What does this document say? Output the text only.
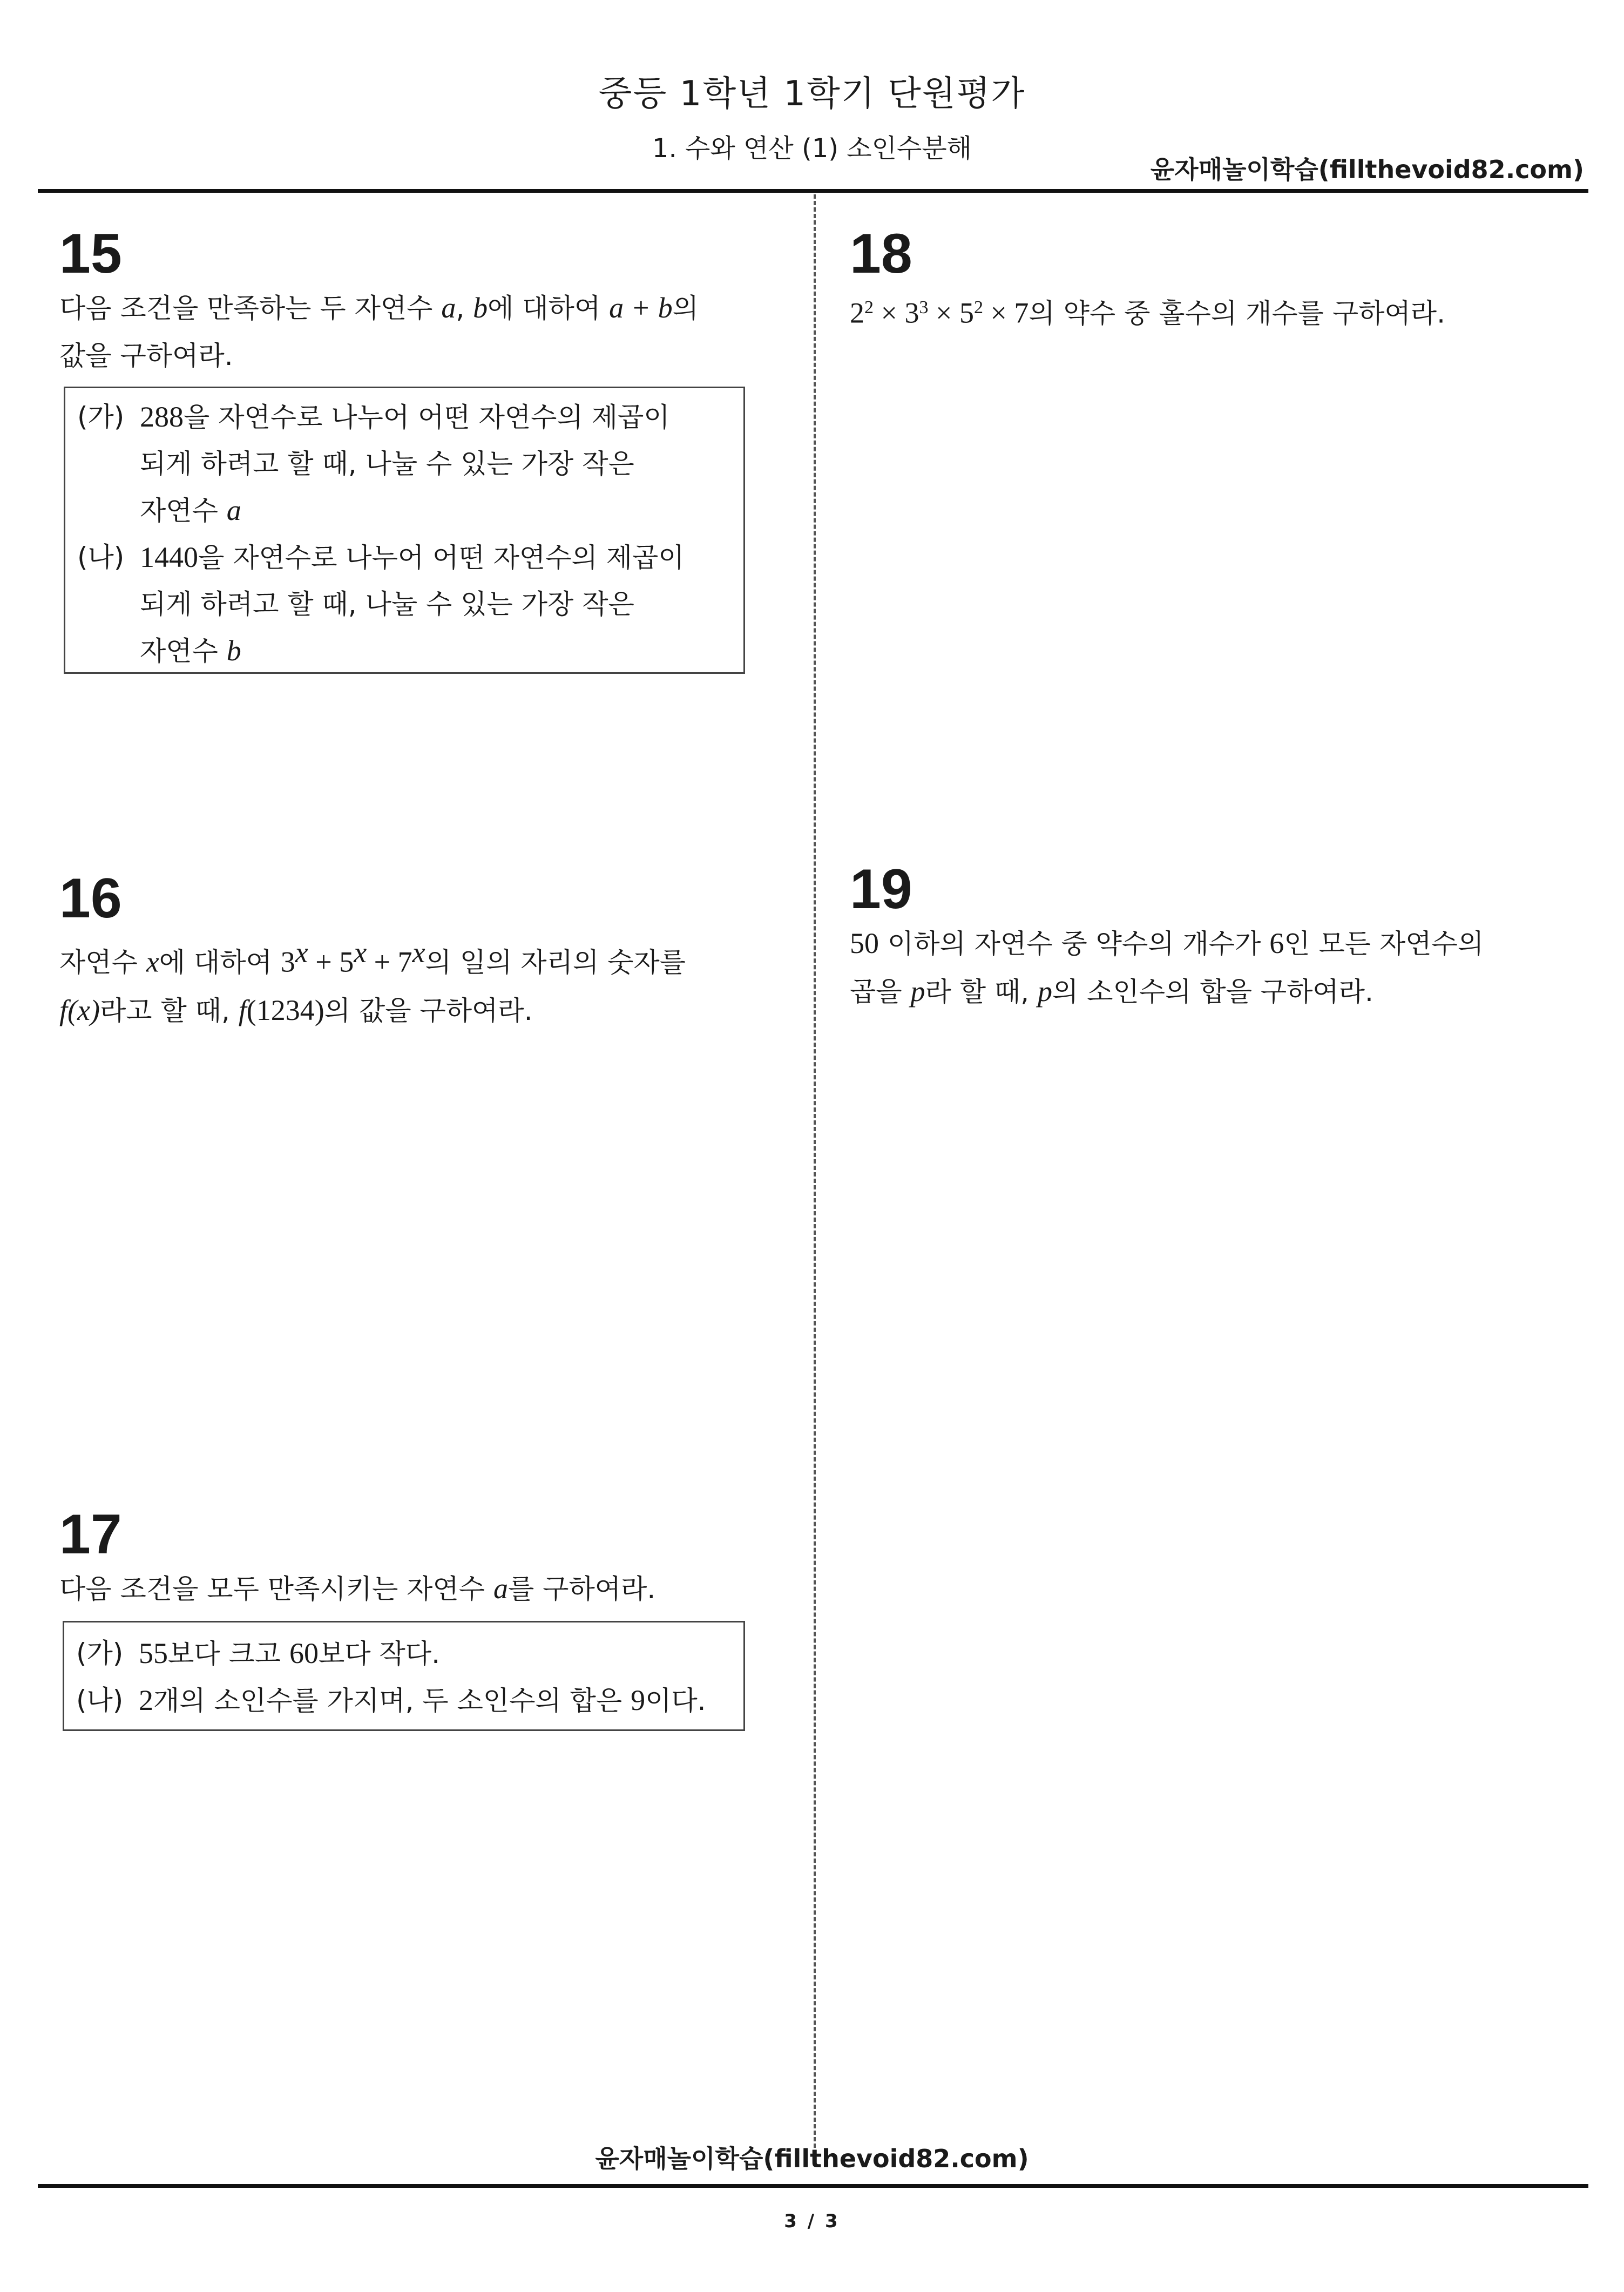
중등 1학년 1학기 단원평가
1. 수와 연산 (1) 소인수분해
윤자매놀이학습(fillthevoid82.com)
15
다음 조건을 만족하는 두 자연수 a, b에 대하여 a + b의
값을 구하여라.
(가) 288을 자연수로 나누어 어떤 자연수의 제곱이
되게 하려고 할 때, 나눌 수 있는 가장 작은
자연수 a
(나) 1440을 자연수로 나누어 어떤 자연수의 제곱이
되게 하려고 할 때, 나눌 수 있는 가장 작은
자연수 b
16
자연수 x에 대하여 $3^x + 5^x + 7^x$의 일의 자리의 숫자를
f(x)라고 할 때, f(1234)의 값을 구하여라.
17
다음 조건을 모두 만족시키는 자연수 a를 구하여라.
(가) 55보다 크고 60보다 작다.
(나) 2개의 소인수를 가지며, 두 소인수의 합은 9이다.
18
$2^2 \times 3^3 \times 5^2 \times 7$의 약수 중 홀수의 개수를 구하여라.
19
50 이하의 자연수 중 약수의 개수가 6인 모든 자연수의
곱을 p라 할 때, p의 소인수의 합을 구하여라.
윤자매놀이학습(fillthevoid82.com)
3 / 3
